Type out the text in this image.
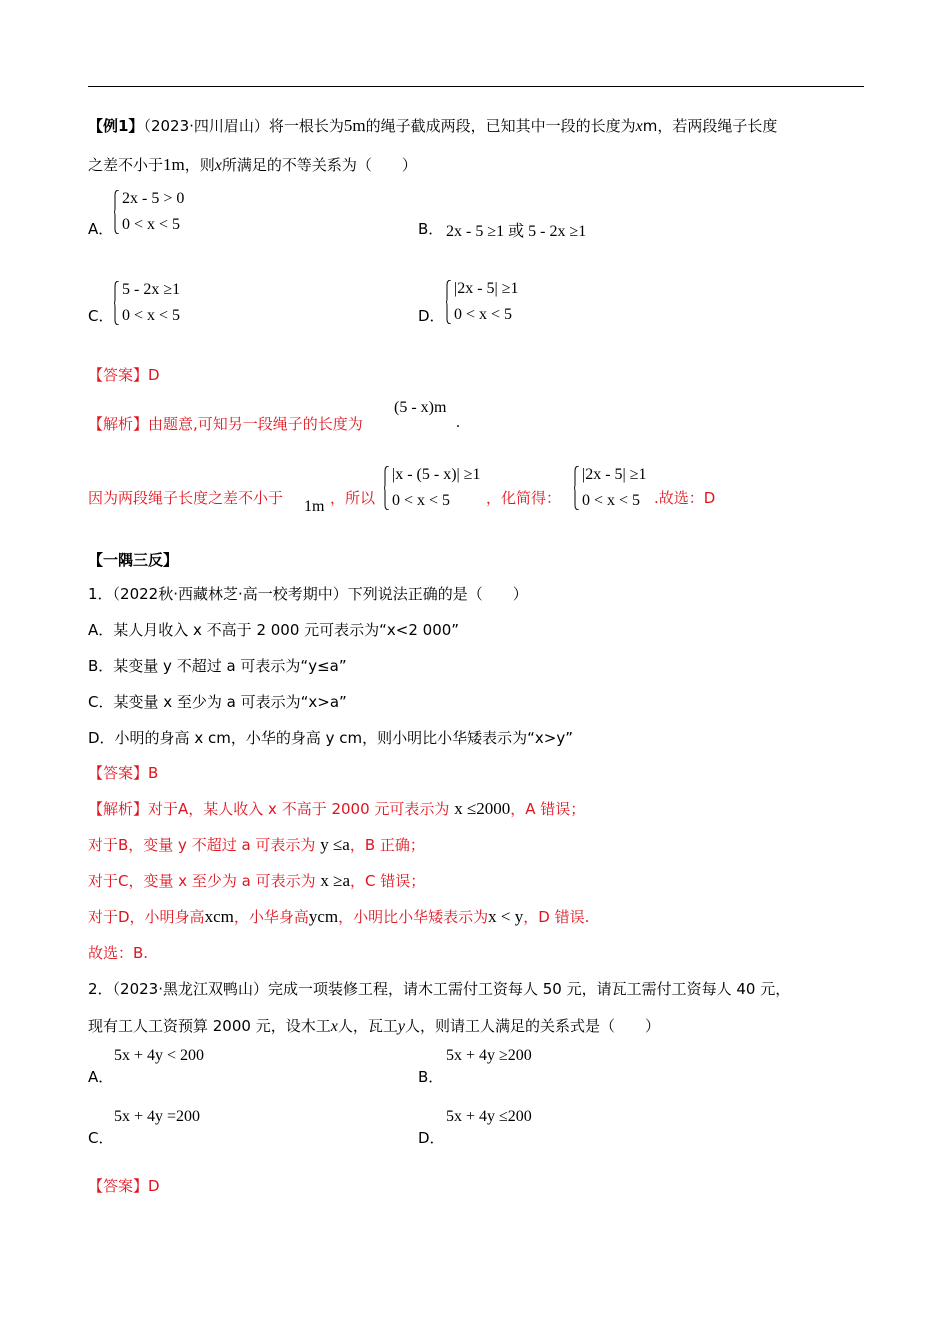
【例1】（2023·四川眉山）将一根长为5m的绳子截成两段，已知其中一段的长度为xm，若两段绳子长度
之差不小于1m，则x所满足的不等关系为（　　）
A．
2x - 5 > 0
0 < x < 5	B． 2x - 5 ≥1 或 5 - 2x ≥1
C．
5 - 2x ≥1
0 < x < 5	D．
|2x - 5| ≥1
0 < x < 5
【答案】D
【解析】由题意,可知另一段绳子的长度为
(5 - x)m
.
因为两段绳子长度之差不小于 1m ，所以
|x - (5 - x)| ≥1
0 < x < 5	，化简得：
|2x - 5| ≥1
0 < x < 5 .故选：D
【一隅三反】
1．（2022秋·西藏林芝·高一校考期中）下列说法正确的是（　　）
A．某人月收入 x 不高于 2 000 元可表示为“x<2 000”
B．某变量 y 不超过 a 可表示为“y≤a”
C．某变量 x 至少为 a 可表示为“x>a”
D．小明的身高 x cm，小华的身高 y cm，则小明比小华矮表示为“x>y”
【答案】B
【解析】对于A，某人收入 x 不高于 2000 元可表示为 x ≤2000，A 错误；
对于B，变量 y 不超过 a 可表示为 y ≤a，B 正确；
对于C，变量 x 至少为 a 可表示为 x ≥a，C 错误；
对于D，小明身高xcm，小华身高ycm，小明比小华矮表示为x < y，D 错误.
故选：B.
2．（2023·黑龙江双鸭山）完成一项装修工程，请木工需付工资每人 50 元，请瓦工需付工资每人 40 元，
现有工人工资预算 2000 元，设木工x人，瓦工y人，则请工人满足的关系式是（　　）
A．
5x + 4y < 200
B．
5x + 4y ≥200
C．
5x + 4y =200
D．
5x + 4y ≤200
【答案】D
